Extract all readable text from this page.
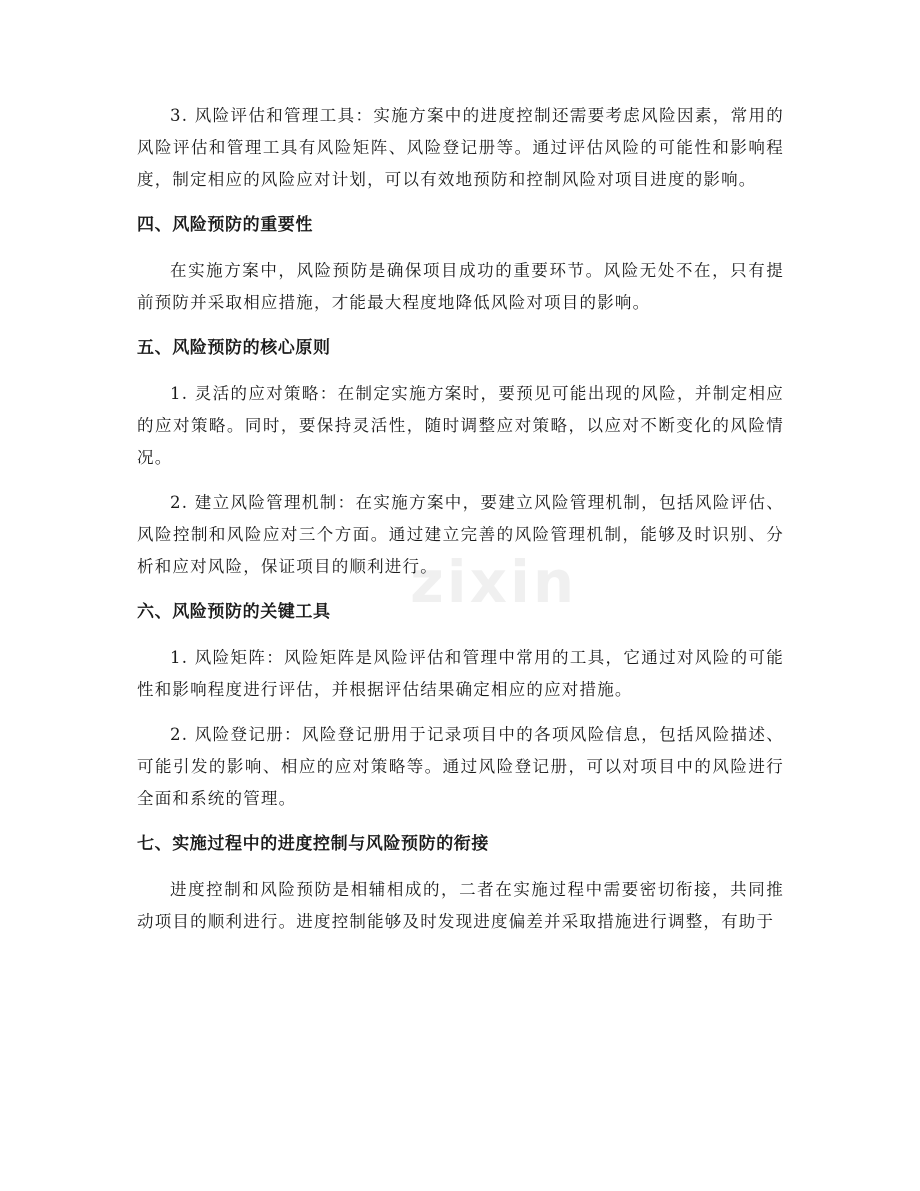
3. 风险评估和管理工具：实施方案中的进度控制还需要考虑风险因素，常用的风险评估和管理工具有风险矩阵、风险登记册等。通过评估风险的可能性和影响程度，制定相应的风险应对计划，可以有效地预防和控制风险对项目进度的影响。

四、风险预防的重要性

在实施方案中，风险预防是确保项目成功的重要环节。风险无处不在，只有提前预防并采取相应措施，才能最大程度地降低风险对项目的影响。

五、风险预防的核心原则

1. 灵活的应对策略：在制定实施方案时，要预见可能出现的风险，并制定相应的应对策略。同时，要保持灵活性，随时调整应对策略，以应对不断变化的风险情况。

2. 建立风险管理机制：在实施方案中，要建立风险管理机制，包括风险评估、风险控制和风险应对三个方面。通过建立完善的风险管理机制，能够及时识别、分析和应对风险，保证项目的顺利进行。

六、风险预防的关键工具

1. 风险矩阵：风险矩阵是风险评估和管理中常用的工具，它通过对风险的可能性和影响程度进行评估，并根据评估结果确定相应的应对措施。

2. 风险登记册：风险登记册用于记录项目中的各项风险信息，包括风险描述、可能引发的影响、相应的应对策略等。通过风险登记册，可以对项目中的风险进行全面和系统的管理。

七、实施过程中的进度控制与风险预防的衔接

进度控制和风险预防是相辅相成的，二者在实施过程中需要密切衔接，共同推动项目的顺利进行。进度控制能够及时发现进度偏差并采取措施进行调整，有助于

zixin
